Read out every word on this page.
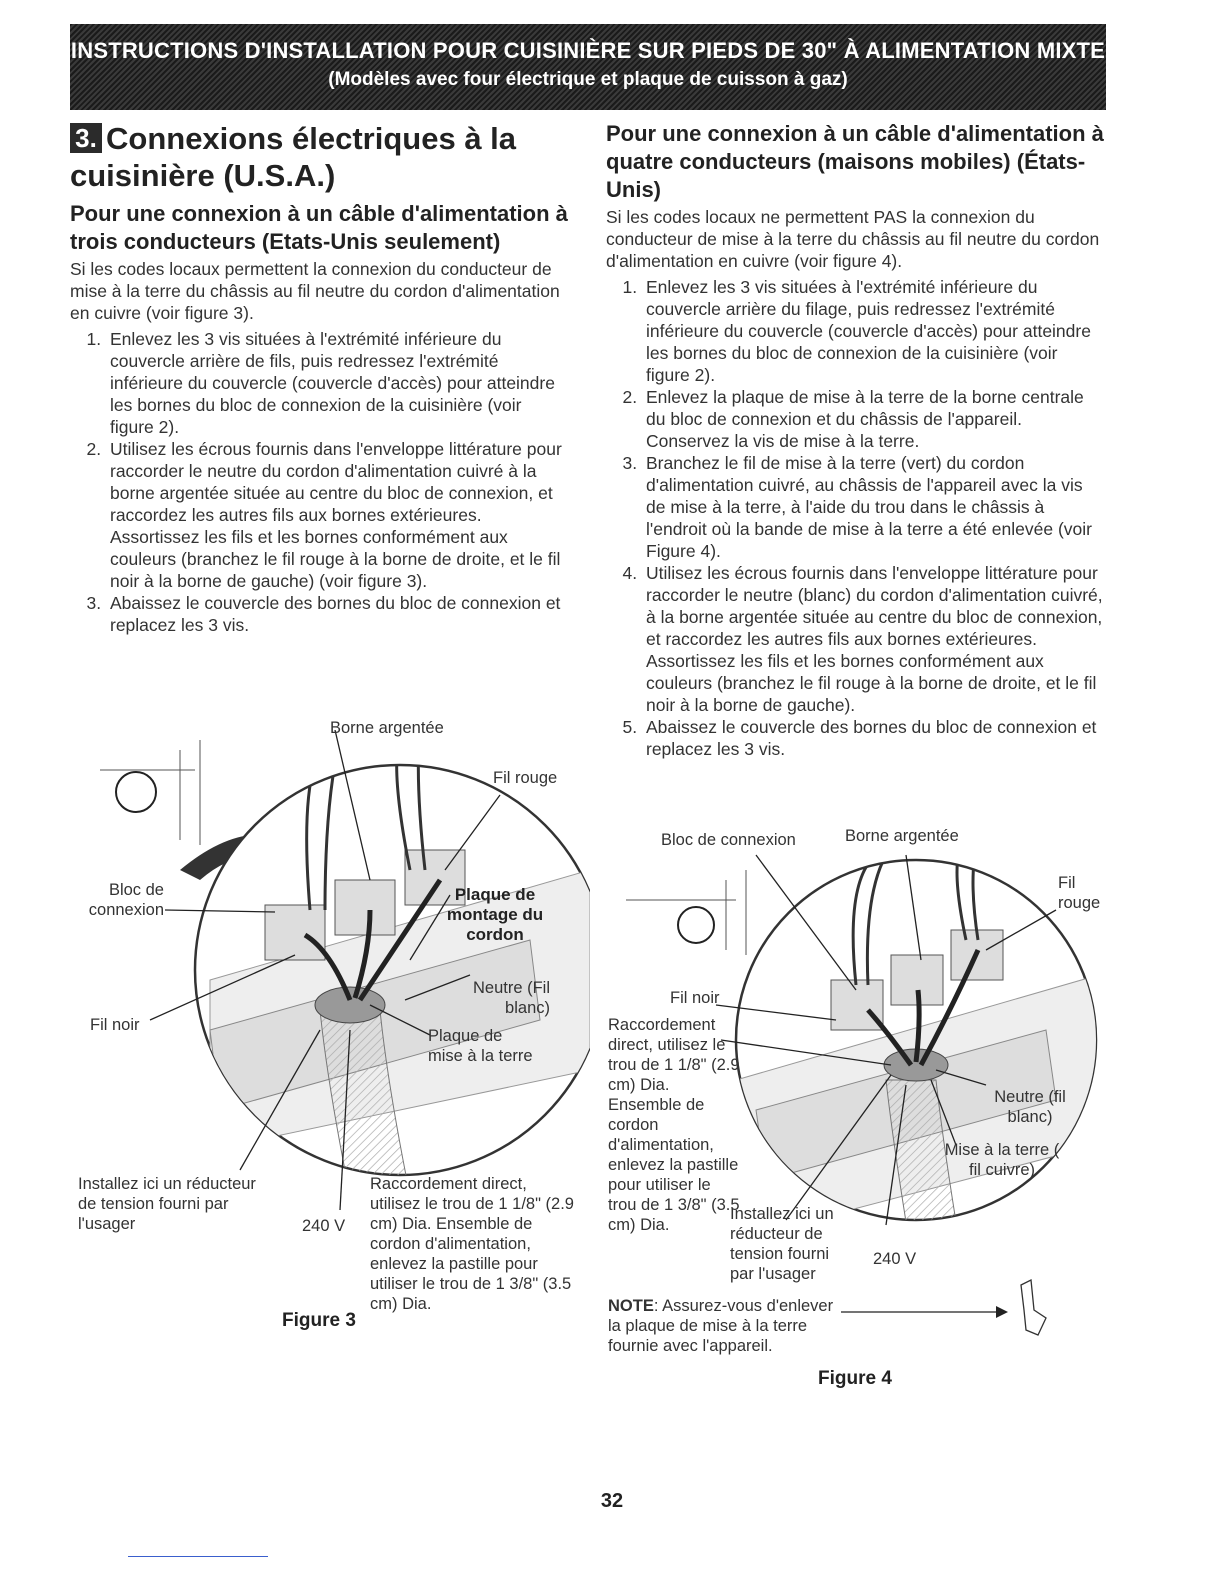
INSTRUCTIONS D'INSTALLATION POUR CUISINIÈRE SUR PIEDS DE 30" À ALIMENTATION MIXTE
(Modèles avec four électrique et plaque de cuisson à gaz)
3. Connexions électriques à la cuisinière (U.S.A.)
Pour une connexion à un câble d'alimentation à trois conducteurs (Etats-Unis seulement)

Si les codes locaux permettent la connexion du conducteur de mise à la terre du châssis au fil neutre du cordon d'alimentation en cuivre (voir figure 3).

1. Enlevez les 3 vis situées à l'extrémité inférieure du couvercle arrière de fils, puis redressez l'extrémité inférieure du couvercle (couvercle d'accès) pour atteindre les bornes du bloc de connexion de la cuisinière (voir figure 2).
2. Utilisez les écrous fournis dans l'enveloppe littérature pour raccorder le neutre du cordon d'alimentation cuivré à la borne argentée située au centre du bloc de connexion, et raccordez les autres fils aux bornes extérieures. Assortissez les fils et les bornes conformément aux couleurs (branchez le fil rouge à la borne de droite, et le fil noir à la borne de gauche) (voir figure 3).
3. Abaissez le couvercle des bornes du bloc de connexion et replacez les 3 vis.
Pour une connexion à un câble d'alimentation à quatre conducteurs (maisons mobiles) (États-Unis)

Si les codes locaux ne permettent PAS la connexion du conducteur de mise à la terre du châssis au fil neutre du cordon d'alimentation en cuivre (voir figure 4).

1. Enlevez les 3 vis situées à l'extrémité inférieure du couvercle arrière du filage, puis redressez l'extrémité inférieure du couvercle (couvercle d'accès) pour atteindre les bornes du bloc de connexion de la cuisinière (voir figure 2).
2. Enlevez la plaque de mise à la terre de la borne centrale du bloc de connexion et du châssis de l'appareil. Conservez la vis de mise à la terre.
3. Branchez le fil de mise à la terre (vert) du cordon d'alimentation cuivré, au châssis de l'appareil avec la vis de mise à la terre, à l'aide du trou dans le châssis à l'endroit où la bande de mise à la terre a été enlevée (voir Figure 4).
4. Utilisez les écrous fournis dans l'enveloppe littérature pour raccorder le neutre (blanc) du cordon d'alimentation cuivré, à la borne argentée située au centre du bloc de connexion, et raccordez les autres fils aux bornes extérieures. Assortissez les fils et les bornes conformément aux couleurs (branchez le fil rouge à la borne de droite, et le fil noir à la borne de gauche).
5. Abaissez le couvercle des bornes du bloc de connexion et replacez les 3 vis.
Borne argentée
Fil rouge
Bloc de connexion
Plaque de montage du cordon
Neutre (Fil blanc)
Fil noir
Plaque de mise à la terre
Installez ici un réducteur de tension fourni par l'usager	240 V
Raccordement direct, utilisez le trou de 1 1/8" (2.9 cm) Dia. Ensemble de cordon d'alimentation, enlevez la pastille pour utiliser le trou de 1 3/8" (3.5 cm) Dia.
Figure 3
Bloc de connexion	Borne argentée
Fil rouge
Fil noir
Raccordement direct, utilisez le trou de 1 1/8" (2.9 cm) Dia. Ensemble de cordon d'alimentation, enlevez la pastille pour utiliser le trou de 1 3/8" (3.5 cm) Dia.
Neutre (fil blanc)
Mise à la terre ( fil cuivre)
Installez ici un réducteur de tension fourni par l'usager
240 V
NOTE: Assurez-vous d'enlever la plaque de mise à la terre fournie avec l'appareil.
Figure 4
32
